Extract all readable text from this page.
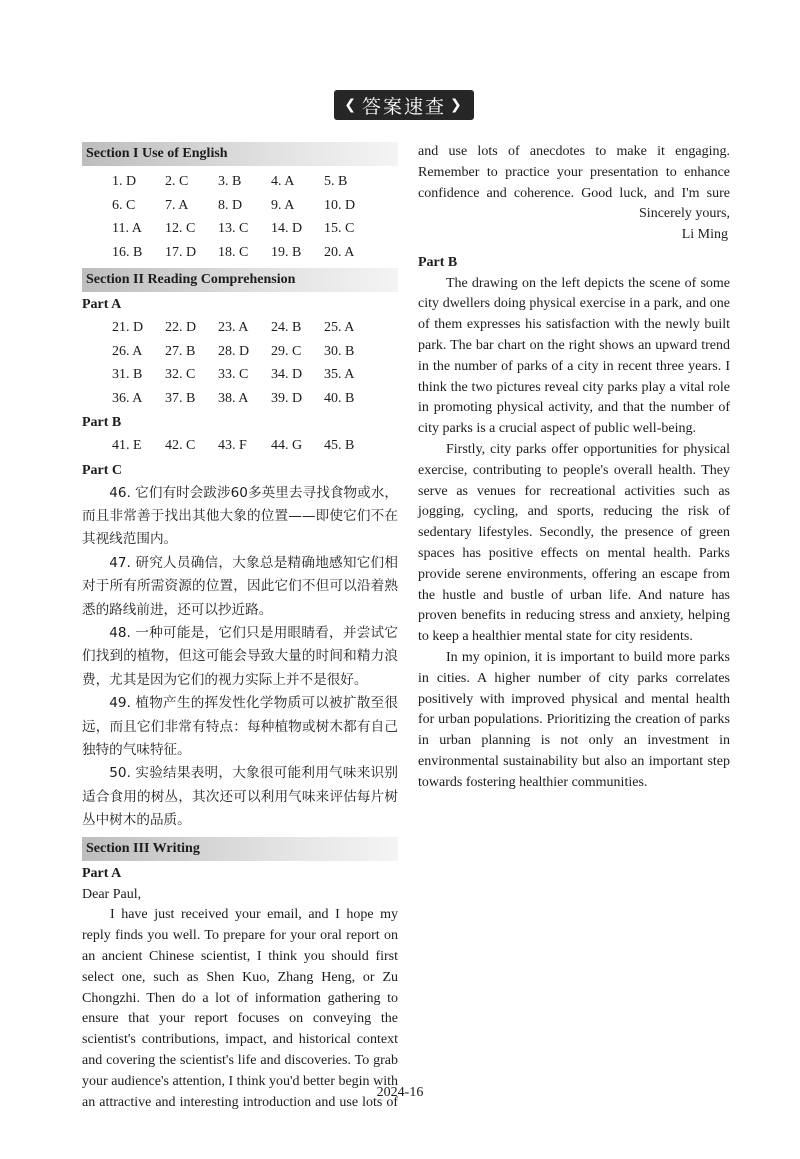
❮ 答案速查 ❯
Section I Use of English
1. D	2. C	3. B	4. A	5. B
6. C	7. A	8. D	9. A	10. D
11. A	12. C	13. C	14. D	15. C
16. B	17. D	18. C	19. B	20. A
Section II Reading Comprehension
Part A
21. D	22. D	23. A	24. B	25. A
26. A	27. B	28. D	29. C	30. B
31. B	32. C	33. C	34. D	35. A
36. A	37. B	38. A	39. D	40. B
Part B
41. E	42. C	43. F	44. G	45. B
Part C

46. 它们有时会跋涉60多英里去寻找食物或水，而且非常善于找出其他大象的位置——即使它们不在其视线范围内。

47. 研究人员确信，大象总是精确地感知它们相对于所有所需资源的位置，因此它们不但可以沿着熟悉的路线前进，还可以抄近路。

48. 一种可能是，它们只是用眼睛看，并尝试它们找到的植物，但这可能会导致大量的时间和精力浪费，尤其是因为它们的视力实际上并不是很好。

49. 植物产生的挥发性化学物质可以被扩散至很远，而且它们非常有特点：每种植物或树木都有自己独特的气味特征。

50. 实验结果表明，大象很可能利用气味来识别适合食用的树丛，其次还可以利用气味来评估每片树丛中树木的品质。

Section III Writing
Part A
Dear Paul,

I have just received your email, and I hope my reply finds you well. To prepare for your oral report on an ancient Chinese scientist, I think you should first select one, such as Shen Kuo, Zhang Heng, or Zu Chongzhi. Then do a lot of information gathering to ensure that your report focuses on conveying the scientist's contributions, impact, and historical context and covering the scientist's life and discoveries. To grab your audience's attention, I think you'd better begin with an attractive and interesting introduction and use lots of

and use lots of anecdotes to make it engaging. Remember to practice your presentation to enhance confidence and coherence. Good luck, and I'm sure

Sincerely yours,
Li Ming
Part B

The drawing on the left depicts the scene of some city dwellers doing physical exercise in a park, and one of them expresses his satisfaction with the newly built park. The bar chart on the right shows an upward trend in the number of parks of a city in recent three years. I think the two pictures reveal city parks play a vital role in promoting physical activity, and that the number of city parks is a crucial aspect of public well-being.

Firstly, city parks offer opportunities for physical exercise, contributing to people's overall health. They serve as venues for recreational activities such as jogging, cycling, and sports, reducing the risk of sedentary lifestyles. Secondly, the presence of green spaces has positive effects on mental health. Parks provide serene environments, offering an escape from the hustle and bustle of urban life. And nature has proven benefits in reducing stress and anxiety, helping to keep a healthier mental state for city residents.

In my opinion, it is important to build more parks in cities. A higher number of city parks correlates positively with improved physical and mental health for urban populations. Prioritizing the creation of parks in urban planning is not only an investment in environmental sustainability but also an important step towards fostering healthier communities.

2024-16
